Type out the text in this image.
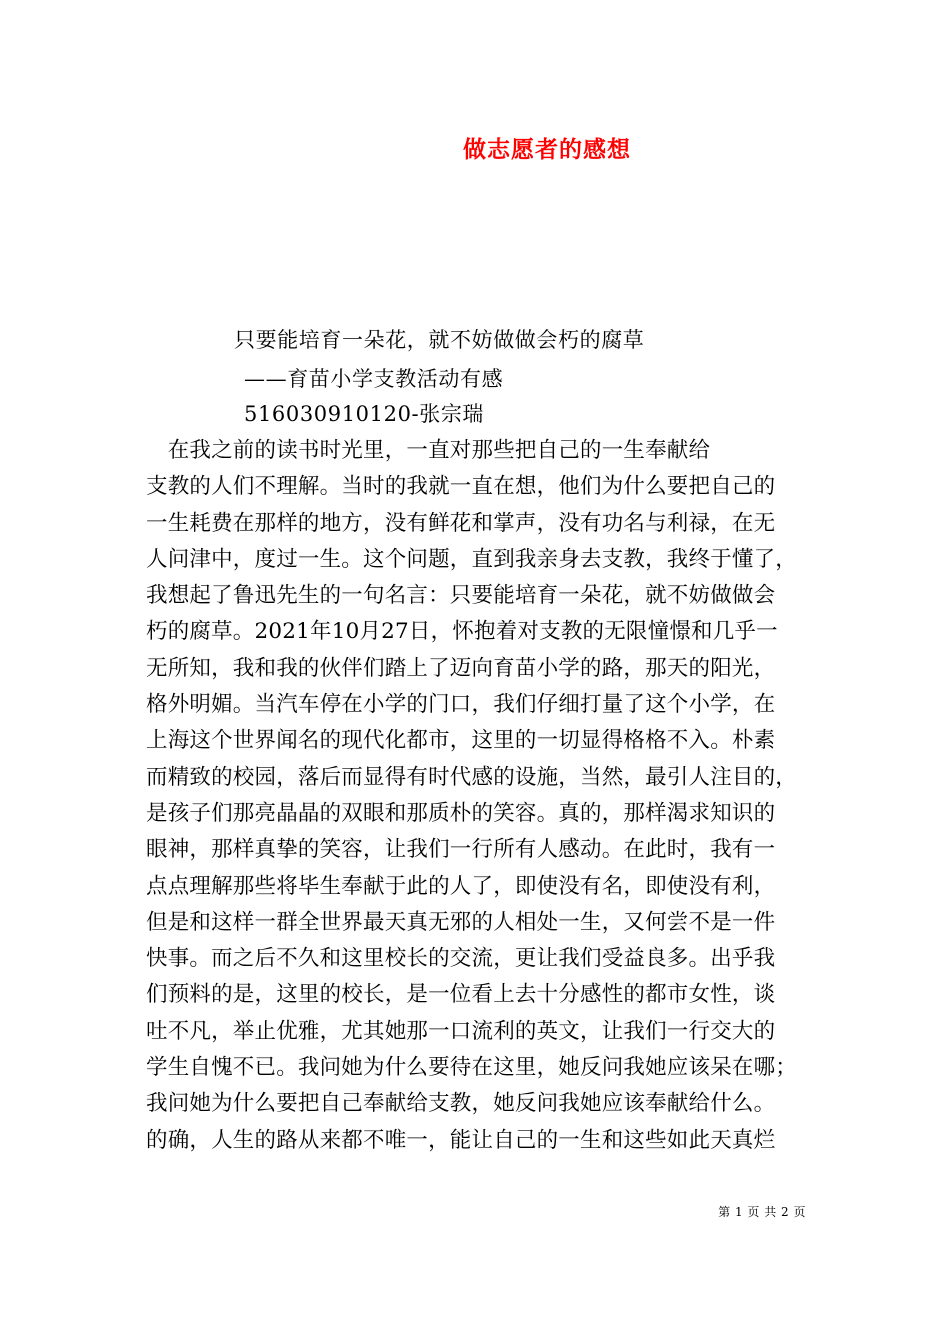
做志愿者的感想
只要能培育一朵花，就不妨做做会朽的腐草
——育苗小学支教活动有感
516030910120-张宗瑞
　在我之前的读书时光里，一直对那些把自己的一生奉献给
支教的人们不理解。当时的我就一直在想，他们为什么要把自己的
一生耗费在那样的地方，没有鲜花和掌声，没有功名与利禄，在无
人问津中，度过一生。这个问题，直到我亲身去支教，我终于懂了，
我想起了鲁迅先生的一句名言：只要能培育一朵花，就不妨做做会
朽的腐草。2021年10月27日，怀抱着对支教的无限憧憬和几乎一
无所知，我和我的伙伴们踏上了迈向育苗小学的路，那天的阳光，
格外明媚。当汽车停在小学的门口，我们仔细打量了这个小学，在
上海这个世界闻名的现代化都市，这里的一切显得格格不入。朴素
而精致的校园，落后而显得有时代感的设施，当然，最引人注目的，
是孩子们那亮晶晶的双眼和那质朴的笑容。真的，那样渴求知识的
眼神，那样真挚的笑容，让我们一行所有人感动。在此时，我有一
点点理解那些将毕生奉献于此的人了，即使没有名，即使没有利，
但是和这样一群全世界最天真无邪的人相处一生，又何尝不是一件
快事。而之后不久和这里校长的交流，更让我们受益良多。出乎我
们预料的是，这里的校长，是一位看上去十分感性的都市女性，谈
吐不凡，举止优雅，尤其她那一口流利的英文，让我们一行交大的
学生自愧不已。我问她为什么要待在这里，她反问我她应该呆在哪；
我问她为什么要把自己奉献给支教，她反问我她应该奉献给什么。
的确，人生的路从来都不唯一，能让自己的一生和这些如此天真烂
第 1 页 共 2 页
